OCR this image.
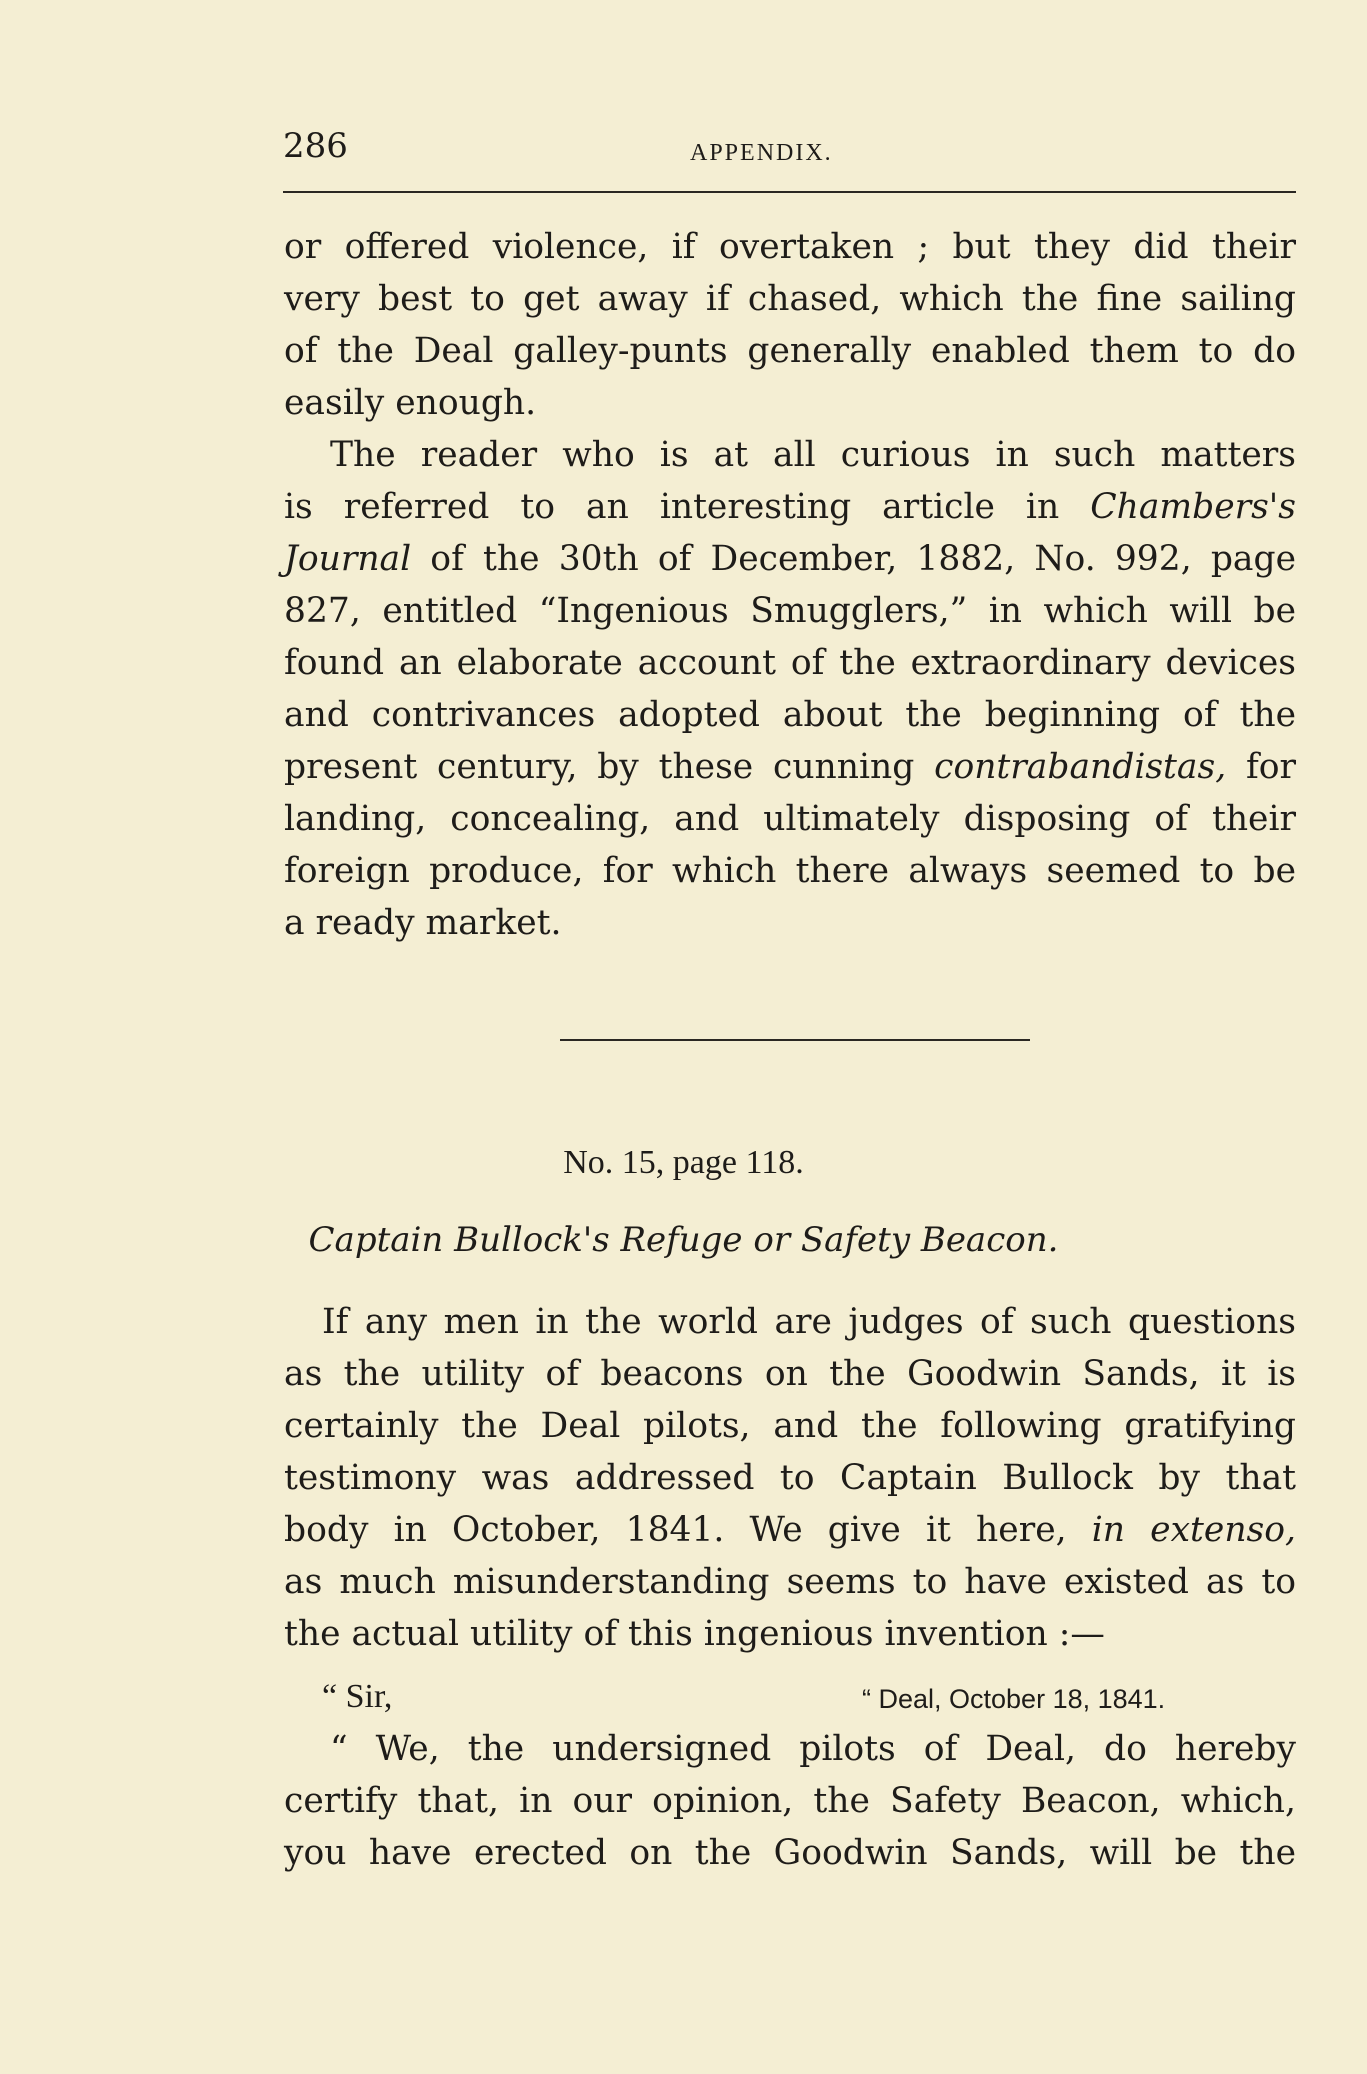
286	APPENDIX.
or offered violence, if overtaken ; but they did their
very best to get away if chased, which the fine sailing
of the Deal galley-punts generally enabled them to do
easily enough.
The reader who is at all curious in such matters
is referred to an interesting article in Chambers's
Journal of the 30th of December, 1882, No. 992, page
827, entitled “Ingenious Smugglers,” in which will be
found an elaborate account of the extraordinary devices
and contrivances adopted about the beginning of the
present century, by these cunning contrabandistas, for
landing, concealing, and ultimately disposing of their
foreign produce, for which there always seemed to be
a ready market.
No. 15, page 118.
Captain Bullock's Refuge or Safety Beacon.
If any men in the world are judges of such questions
as the utility of beacons on the Goodwin Sands, it is
certainly the Deal pilots, and the following gratifying
testimony was addressed to Captain Bullock by that
body in October, 1841. We give it here, in extenso,
as much misunderstanding seems to have existed as to
the actual utility of this ingenious invention :—
“ Sir,	“ Deal, October 18, 1841.
“ We, the undersigned pilots of Deal, do hereby
certify that, in our opinion, the Safety Beacon, which,
you have erected on the Goodwin Sands, will be the
